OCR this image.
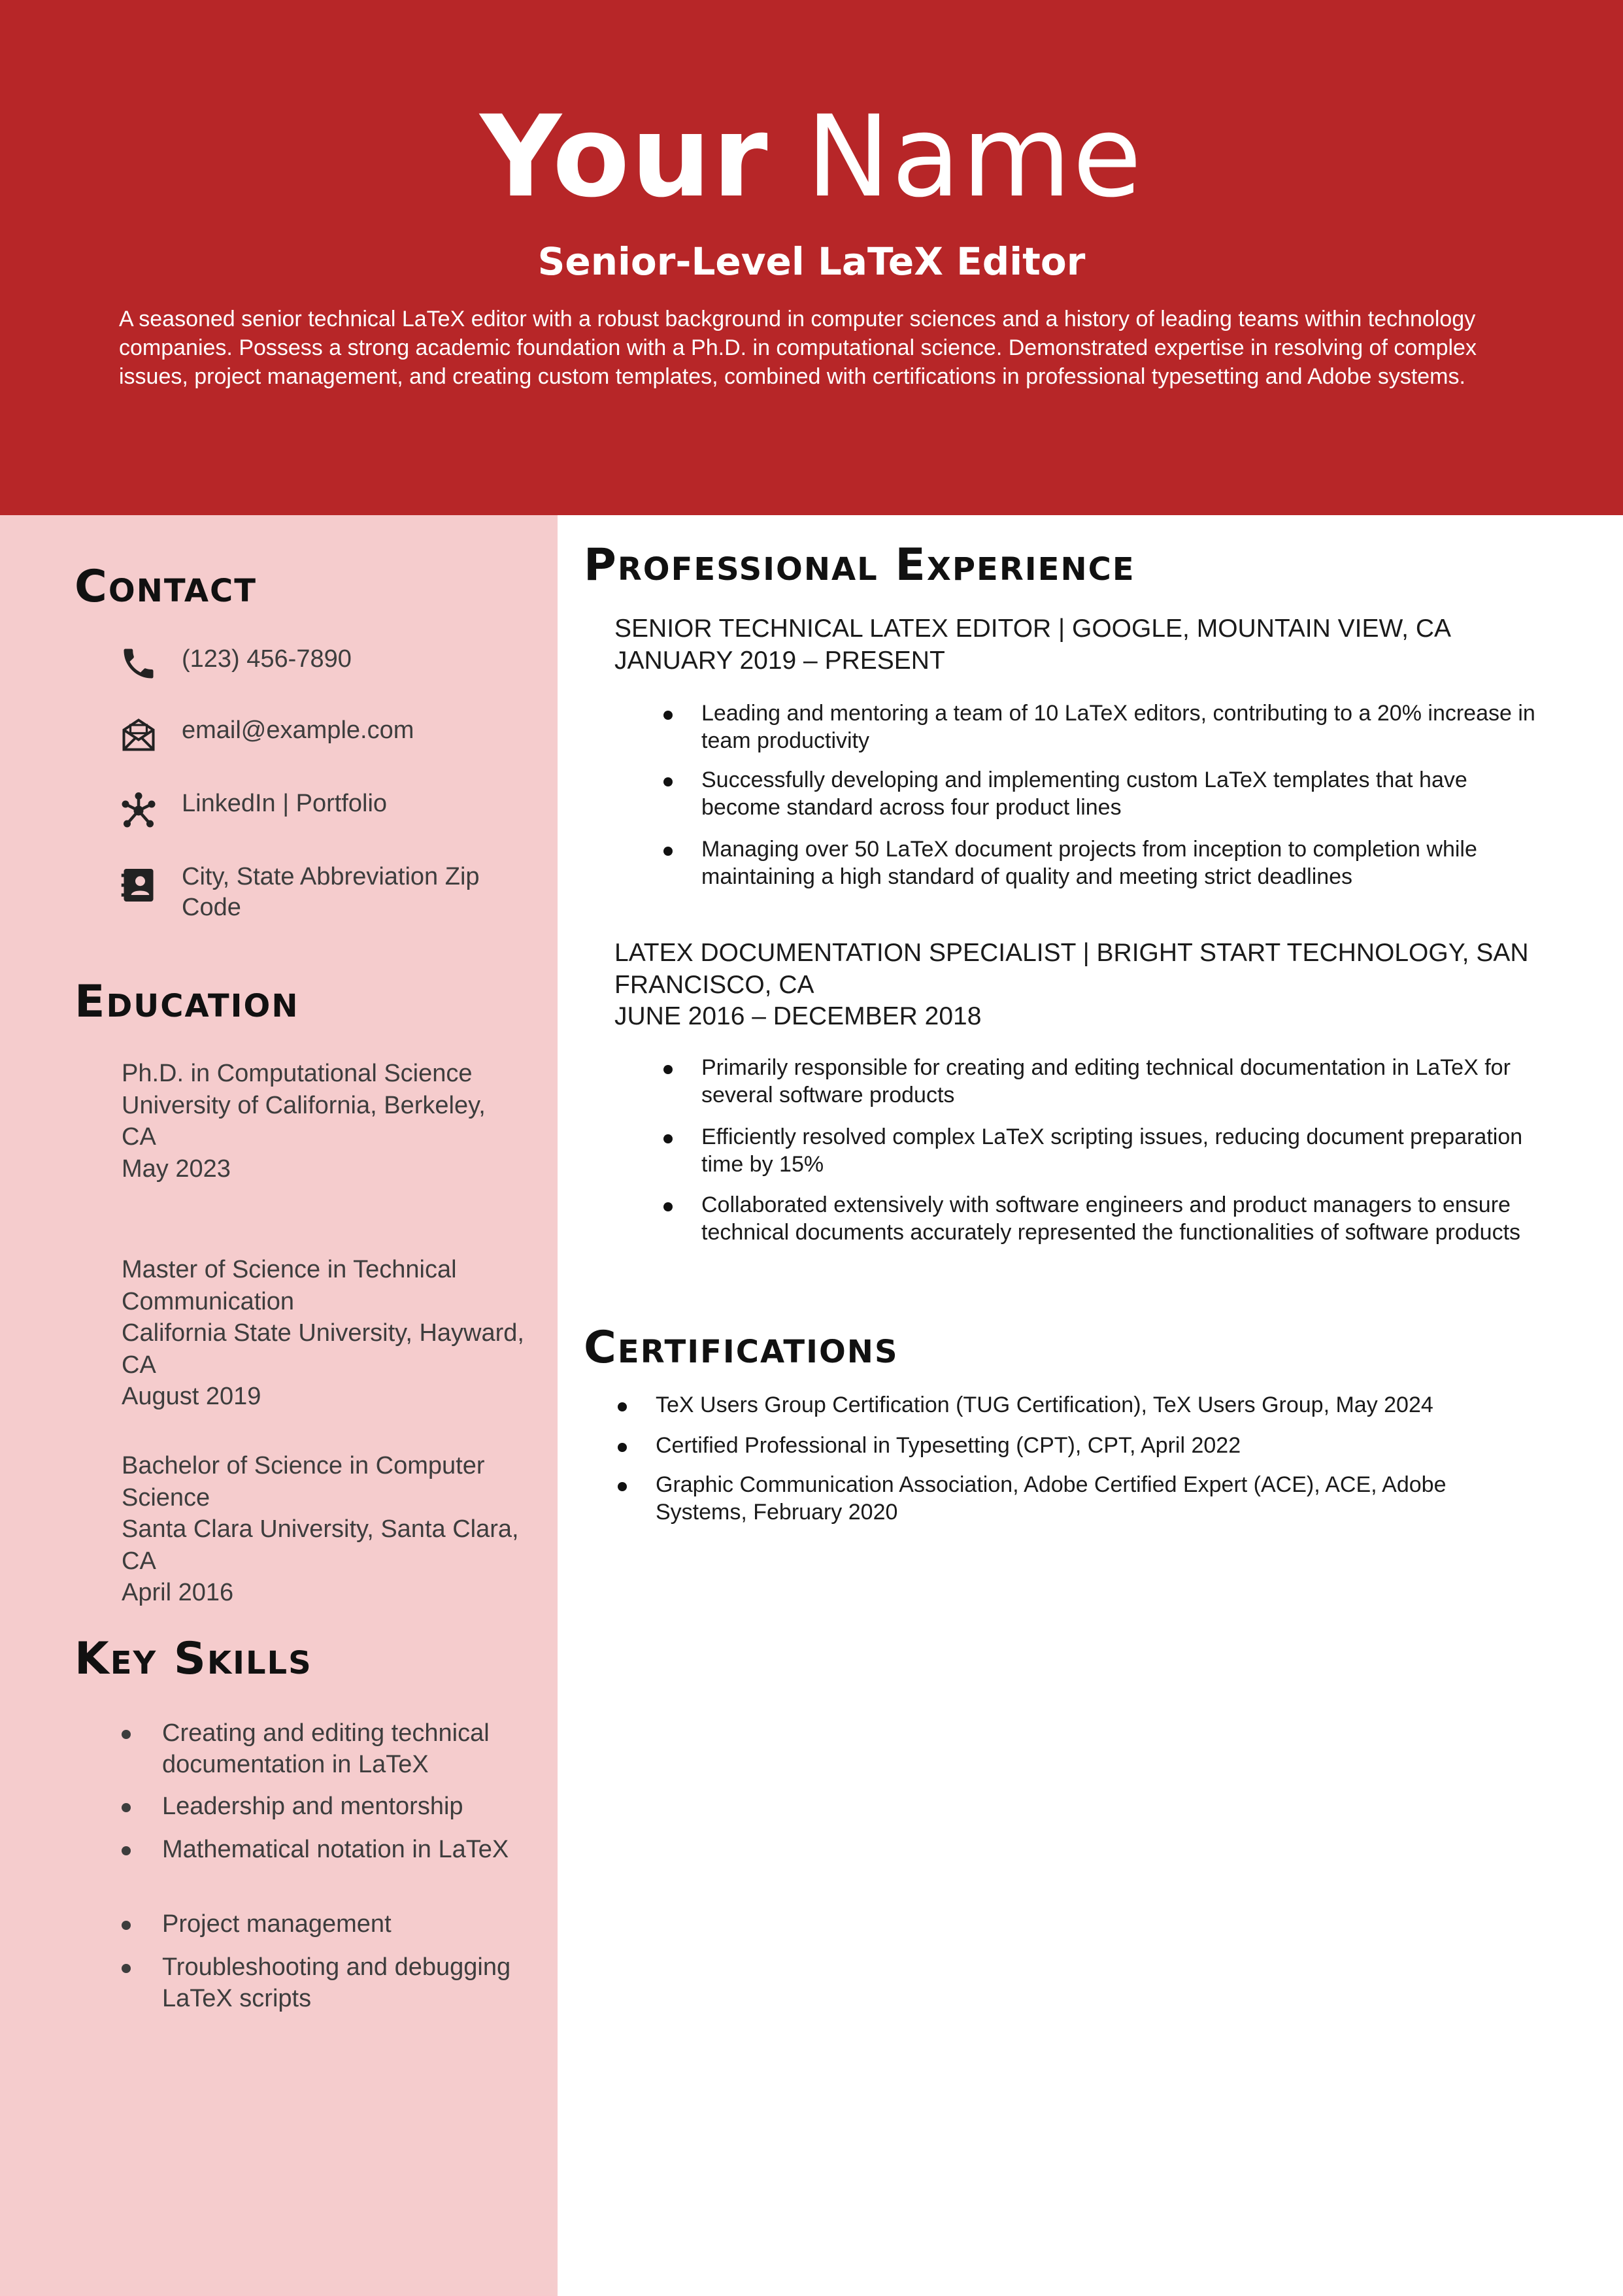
Your Name
Senior-Level LaTeX Editor
A seasoned senior technical LaTeX editor with a robust background in computer sciences and a history of leading teams within technology companies. Possess a strong academic foundation with a Ph.D. in computational science. Demonstrated expertise in resolving of complex issues, project management, and creating custom templates, combined with certifications in professional typesetting and Adobe systems.
Contact
(123) 456-7890
email@example.com
LinkedIn | Portfolio
City, State Abbreviation Zip Code
Education
Ph.D. in Computational Science
University of California, Berkeley, CA
May 2023
Master of Science in Technical Communication
California State University, Hayward, CA
August 2019
Bachelor of Science in Computer Science
Santa Clara University, Santa Clara, CA
April 2016
Key Skills
Creating and editing technical documentation in LaTeX
Leadership and mentorship
Mathematical notation in LaTeX
Project management
Troubleshooting and debugging LaTeX scripts
Professional Experience
SENIOR TECHNICAL LATEX EDITOR | GOOGLE, MOUNTAIN VIEW, CA
JANUARY 2019 – PRESENT
Leading and mentoring a team of 10 LaTeX editors, contributing to a 20% increase in team productivity
Successfully developing and implementing custom LaTeX templates that have become standard across four product lines
Managing over 50 LaTeX document projects from inception to completion while maintaining a high standard of quality and meeting strict deadlines
LATEX DOCUMENTATION SPECIALIST | BRIGHT START TECHNOLOGY, SAN FRANCISCO, CA
JUNE 2016 – DECEMBER 2018
Primarily responsible for creating and editing technical documentation in LaTeX for several software products
Efficiently resolved complex LaTeX scripting issues, reducing document preparation time by 15%
Collaborated extensively with software engineers and product managers to ensure technical documents accurately represented the functionalities of software products
Certifications
TeX Users Group Certification (TUG Certification), TeX Users Group, May 2024
Certified Professional in Typesetting (CPT), CPT, April 2022
Graphic Communication Association, Adobe Certified Expert (ACE), ACE, Adobe Systems, February 2020
